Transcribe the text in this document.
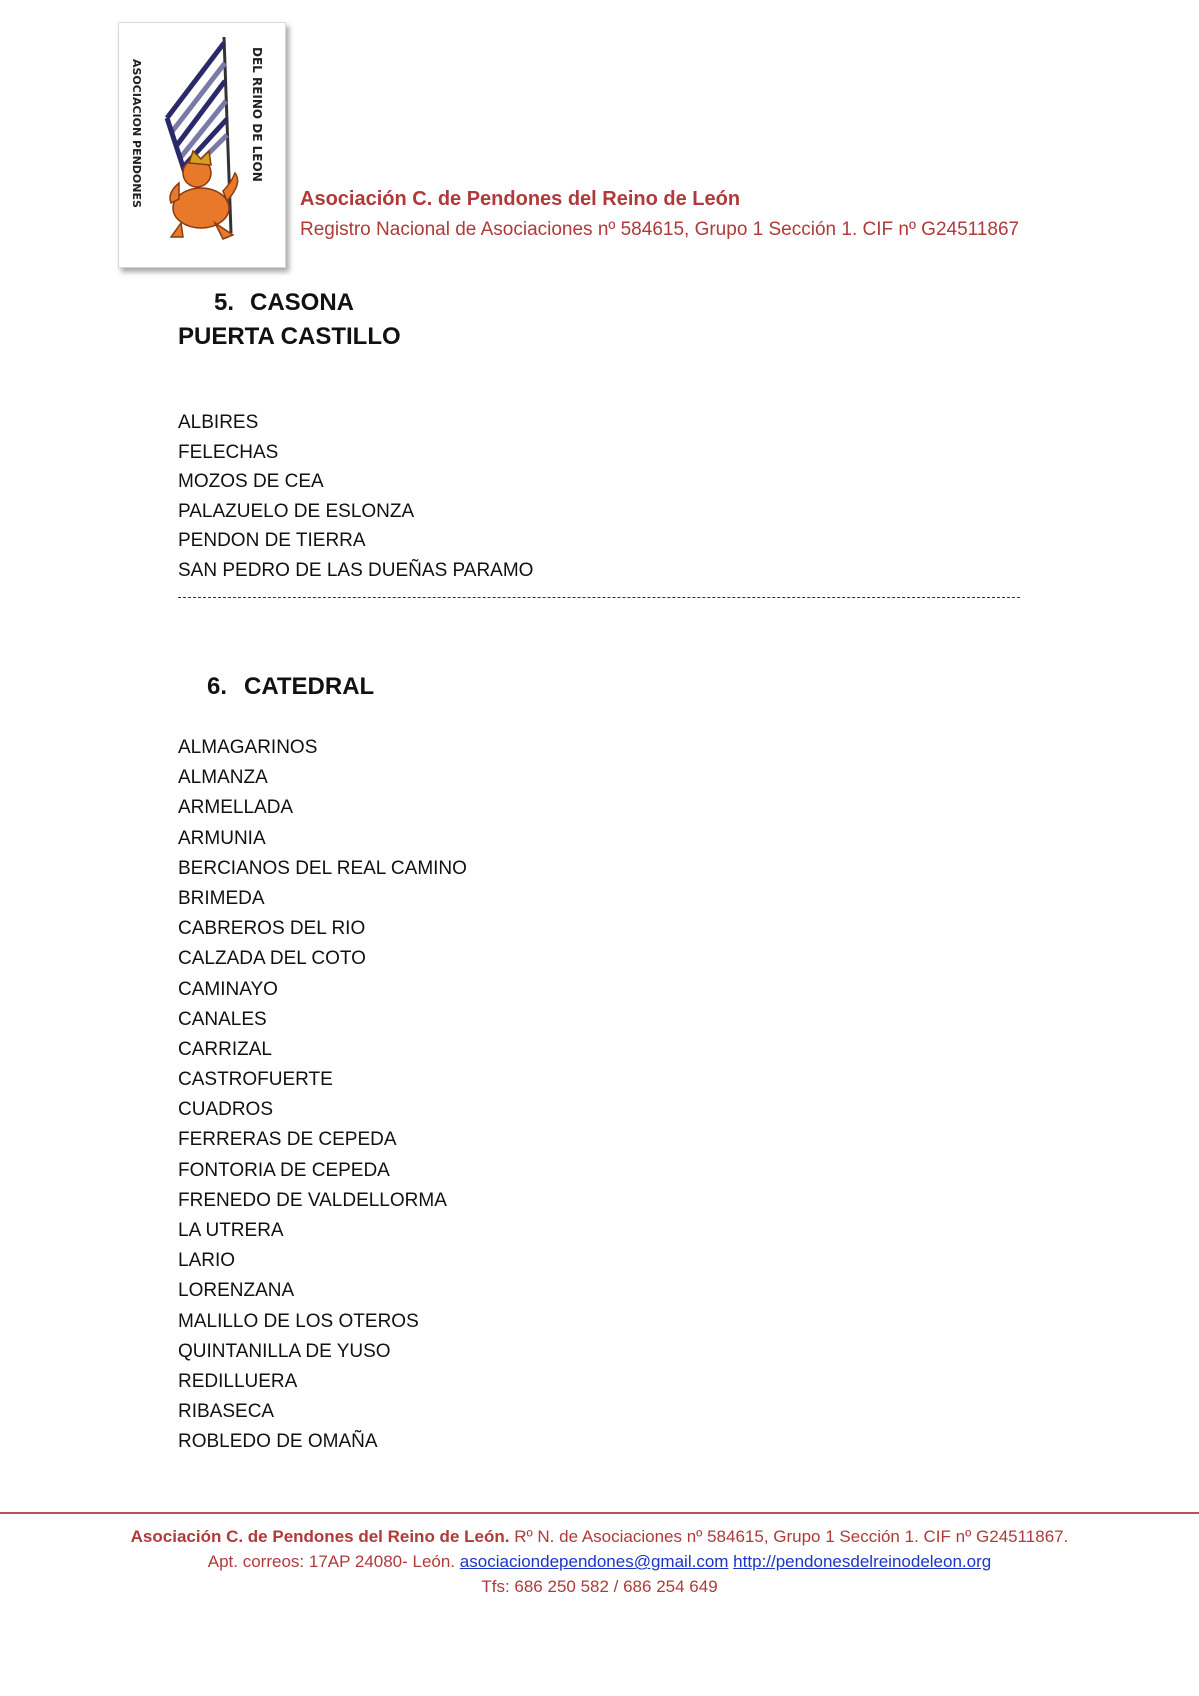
ASOCIACION PENDONES	DEL REINO DE LEON
Asociación C. de Pendones del Reino de León
Registro Nacional de Asociaciones nº 584615, Grupo 1 Sección 1. CIF nº G24511867
5. CASONA
PUERTA CASTILLO
ALBIRES
FELECHAS
MOZOS DE CEA
PALAZUELO DE ESLONZA
PENDON DE TIERRA
SAN PEDRO DE LAS DUEÑAS PARAMO
6. CATEDRAL
ALMAGARINOS
ALMANZA
ARMELLADA
ARMUNIA
BERCIANOS DEL REAL CAMINO
BRIMEDA
CABREROS DEL RIO
CALZADA DEL COTO
CAMINAYO
CANALES
CARRIZAL
CASTROFUERTE
CUADROS
FERRERAS DE CEPEDA
FONTORIA DE CEPEDA
FRENEDO DE VALDELLORMA
LA UTRERA
LARIO
LORENZANA
MALILLO DE LOS OTEROS
QUINTANILLA DE YUSO
REDILLUERA
RIBASECA
ROBLEDO DE OMAÑA
Asociación C. de Pendones del Reino de León. Rº N. de Asociaciones nº 584615, Grupo 1 Sección 1. CIF nº G24511867.
Apt. correos: 17AP 24080- León. asociaciondependones@gmail.com http://pendonesdelreinodeleon.org
Tfs: 686 250 582 / 686 254 649
